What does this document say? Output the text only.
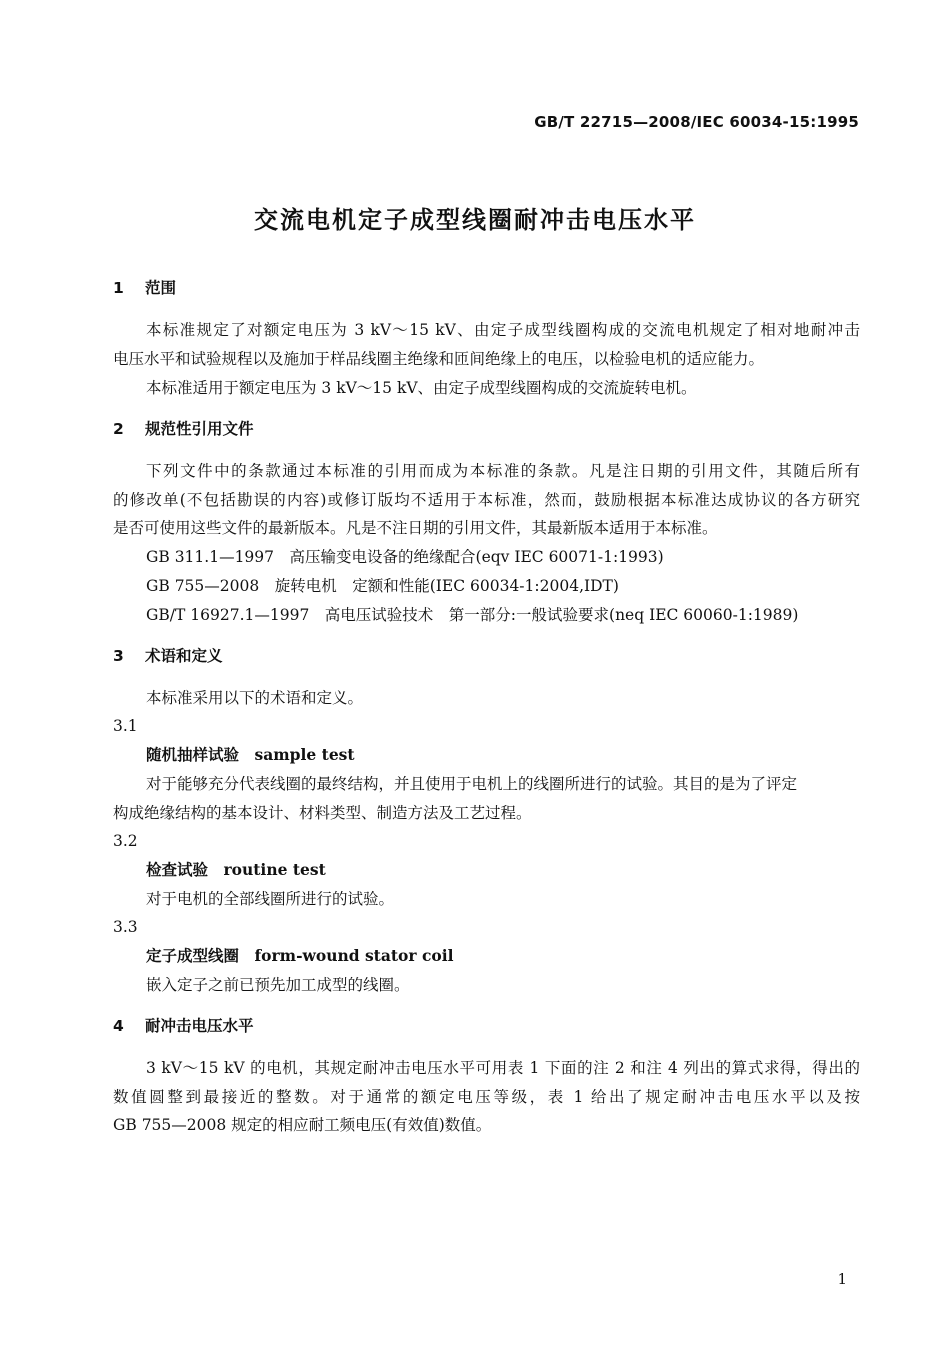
GB/T 22715—2008/IEC 60034-15:1995
交流电机定子成型线圈耐冲击电压水平
1 范围
本标准规定了对额定电压为 3 kV～15 kV、由定子成型线圈构成的交流电机规定了相对地耐冲击
电压水平和试验规程以及施加于样品线圈主绝缘和匝间绝缘上的电压，以检验电机的适应能力。
本标准适用于额定电压为 3 kV～15 kV、由定子成型线圈构成的交流旋转电机。
2 规范性引用文件
下列文件中的条款通过本标准的引用而成为本标准的条款。凡是注日期的引用文件，其随后所有
的修改单(不包括勘误的内容)或修订版均不适用于本标准，然而，鼓励根据本标准达成协议的各方研究
是否可使用这些文件的最新版本。凡是不注日期的引用文件，其最新版本适用于本标准。
GB 311.1—1997　高压输变电设备的绝缘配合(eqv IEC 60071-1:1993)
GB 755—2008　旋转电机　定额和性能(IEC 60034-1:2004,IDT)
GB/T 16927.1—1997　高电压试验技术　第一部分:一般试验要求(neq IEC 60060-1:1989)
3 术语和定义
本标准采用以下的术语和定义。
3.1
随机抽样试验　sample test
对于能够充分代表线圈的最终结构，并且使用于电机上的线圈所进行的试验。其目的是为了评定
构成绝缘结构的基本设计、材料类型、制造方法及工艺过程。
3.2
检查试验　routine test
对于电机的全部线圈所进行的试验。
3.3
定子成型线圈　form-wound stator coil
嵌入定子之前已预先加工成型的线圈。
4 耐冲击电压水平
3 kV～15 kV 的电机，其规定耐冲击电压水平可用表 1 下面的注 2 和注 4 列出的算式求得，得出的
数值圆整到最接近的整数。对于通常的额定电压等级，表 1 给出了规定耐冲击电压水平以及按
GB 755—2008 规定的相应耐工频电压(有效值)数值。
1
